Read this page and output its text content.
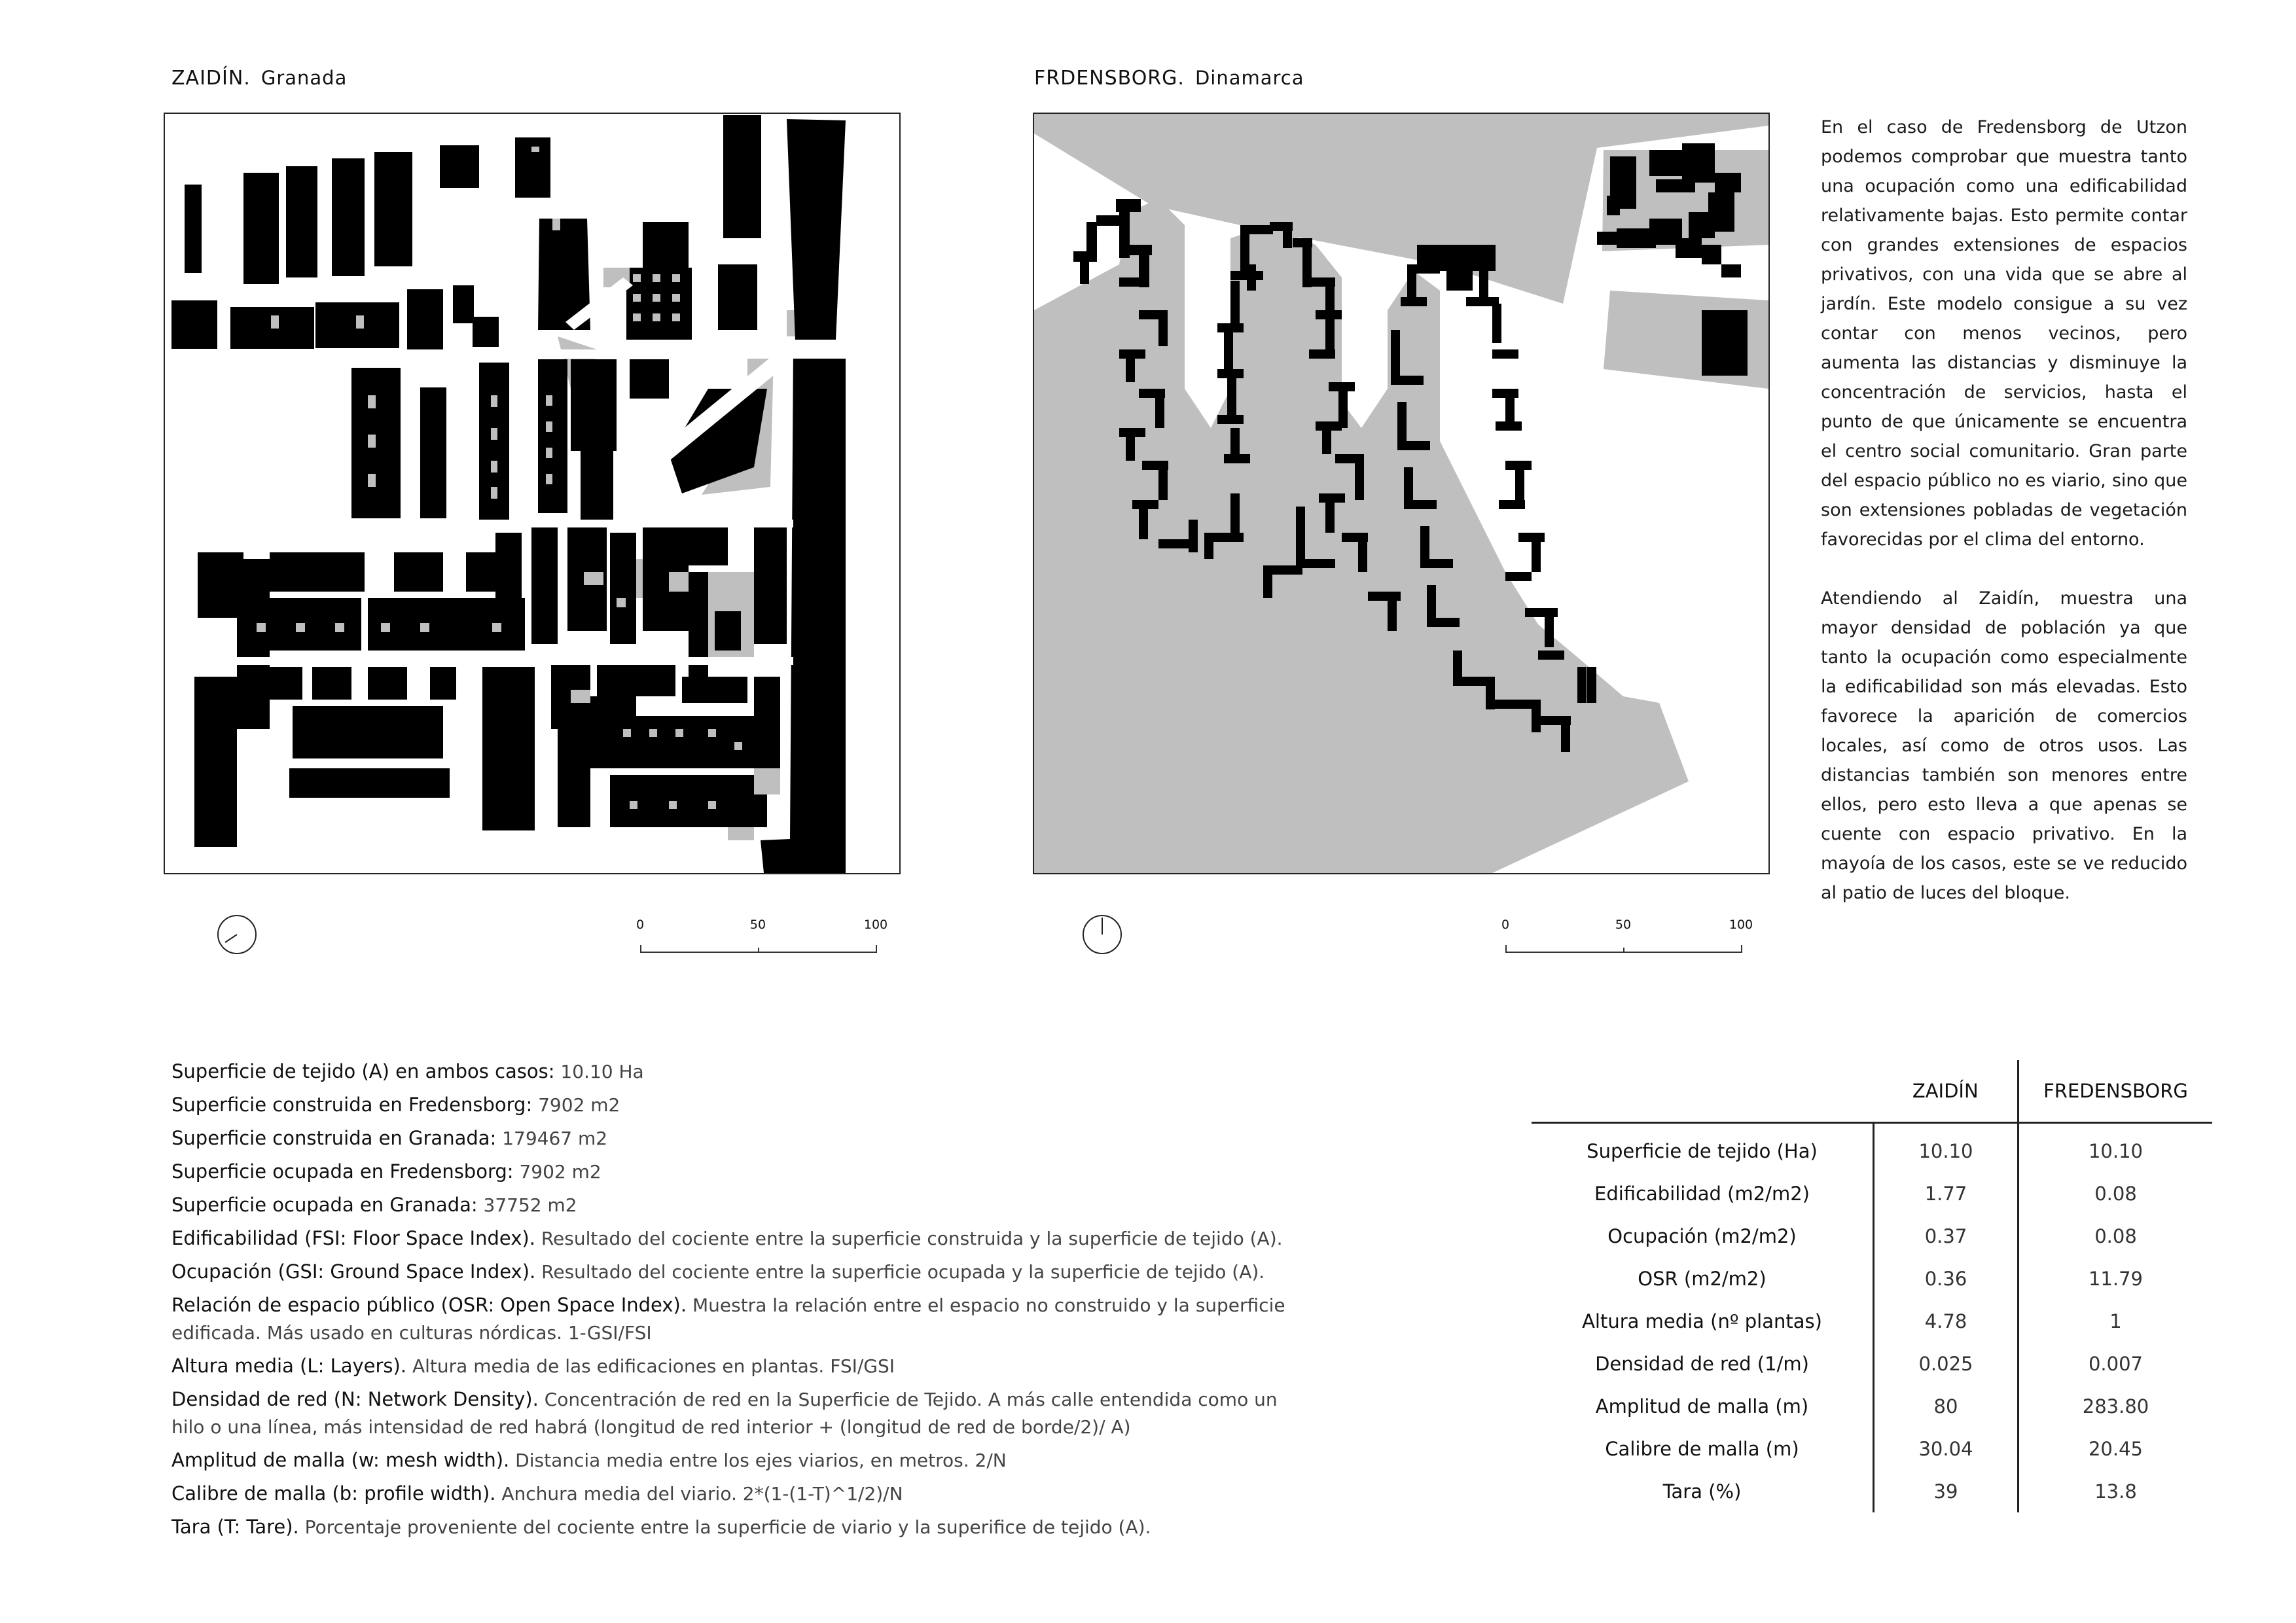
ZAIDÍN. Granada	FRDENSBORG. Dinamarca
0	50	100	0	50	100

En el caso de Fredensborg de Utzon podemos comprobar que muestra tanto una ocupación como una edificabilidad relativamente bajas. Esto permite contar con grandes extensiones de espacios privativos, con una vida que se abre al jardín. Este modelo consigue a su vez contar con menos vecinos, pero aumenta las distancias y disminuye la concentración de servicios, hasta el punto de que únicamente se encuentra el centro social comunitario. Gran parte del espacio público no es viario, sino que son extensiones pobladas de vegetación favorecidas por el clima del entorno.

Atendiendo al Zaidín, muestra una mayor densidad de población ya que tanto la ocupación como especialmente la edificabilidad son más elevadas. Esto favorece la aparición de comercios locales, así como de otros usos. Las distancias también son menores entre ellos, pero esto lleva a que apenas se cuente con espacio privativo. En la mayoía de los casos, este se ve reducido al patio de luces del bloque.

Superficie de tejido (A) en ambos casos: 10.10 Ha
Superficie construida en Fredensborg: 7902 m2
Superficie construida en Granada: 179467 m2
Superficie ocupada en Fredensborg: 7902 m2
Superficie ocupada en Granada: 37752 m2
Edificabilidad (FSI: Floor Space Index). Resultado del cociente entre la superficie construida y la superficie de tejido (A).
Ocupación (GSI: Ground Space Index). Resultado del cociente entre la superficie ocupada y la superficie de tejido (A).
Relación de espacio público (OSR: Open Space Index). Muestra la relación entre el espacio no construido y la superficie
edificada. Más usado en culturas nórdicas. 1-GSI/FSI
Altura media (L: Layers). Altura media de las edificaciones en plantas. FSI/GSI
Densidad de red (N: Network Density). Concentración de red en la Superficie de Tejido. A más calle entendida como un
hilo o una línea, más intensidad de red habrá (longitud de red interior + (longitud de red de borde/2)/ A)
Amplitud de malla (w: mesh width). Distancia media entre los ejes viarios, en metros. 2/N
Calibre de malla (b: profile width). Anchura media del viario. 2*(1-(1-T)^1/2)/N
Tara (T: Tare). Porcentaje proveniente del cociente entre la superficie de viario y la superifice de tejido (A).
	ZAIDÍN	FREDENSBORG
Superficie de tejido (Ha)	10.10	10.10
Edificabilidad (m2/m2)	1.77	0.08
Ocupación (m2/m2)	0.37	0.08
OSR (m2/m2)	0.36	11.79
Altura media (nº plantas)	4.78	1
Densidad de red (1/m)	0.025	0.007
Amplitud de malla (m)	80	283.80
Calibre de malla (m)	30.04	20.45
Tara (%)	39	13.8
